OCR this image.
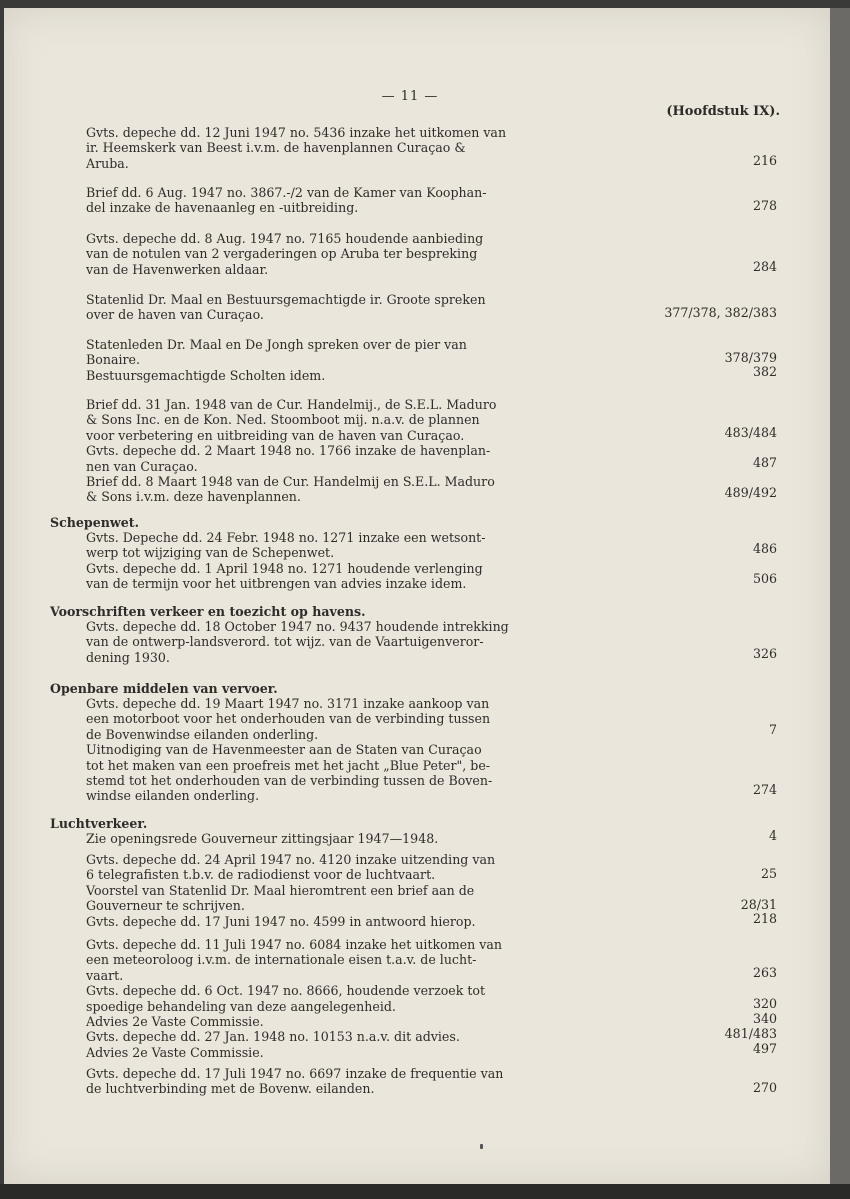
— 11 —
(Hoofdstuk IX).
Gvts. depeche dd. 12 Juni 1947 no. 5436 inzake het uitkomen van
ir. Heemskerk van Beest i.v.m. de havenplannen Curaçao &
Aruba.
Brief dd. 6 Aug. 1947 no. 3867.-/2 van de Kamer van Koophan-
del inzake de havenaanleg en -uitbreiding.
Gvts. depeche dd. 8 Aug. 1947 no. 7165 houdende aanbieding
van de notulen van 2 vergaderingen op Aruba ter bespreking
van de Havenwerken aldaar.
Statenlid Dr. Maal en Bestuursgemachtigde ir. Groote spreken
over de haven van Curaçao.
Statenleden Dr. Maal en De Jongh spreken over de pier van
Bonaire.
Bestuursgemachtigde Scholten idem.
Brief dd. 31 Jan. 1948 van de Cur. Handelmij., de S.E.L. Maduro
& Sons Inc. en de Kon. Ned. Stoomboot mij. n.a.v. de plannen
voor verbetering en uitbreiding van de haven van Curaçao.
Gvts. depeche dd. 2 Maart 1948 no. 1766 inzake de havenplan-
nen van Curaçao.
Brief dd. 8 Maart 1948 van de Cur. Handelmij en S.E.L. Maduro
& Sons i.v.m. deze havenplannen.
Schepenwet.
Gvts. Depeche dd. 24 Febr. 1948 no. 1271 inzake een wetsont-
werp tot wijziging van de Schepenwet.
Gvts. depeche dd. 1 April 1948 no. 1271 houdende verlenging
van de termijn voor het uitbrengen van advies inzake idem.
Voorschriften verkeer en toezicht op havens.
Gvts. depeche dd. 18 October 1947 no. 9437 houdende intrekking
van de ontwerp-landsverord. tot wijz. van de Vaartuigenveror-
dening 1930.
Openbare middelen van vervoer.
Gvts. depeche dd. 19 Maart 1947 no. 3171 inzake aankoop van
een motorboot voor het onderhouden van de verbinding tussen
de Bovenwindse eilanden onderling.
Uitnodiging van de Havenmeester aan de Staten van Curaçao
tot het maken van een proefreis met het jacht „Blue Peter", be-
stemd tot het onderhouden van de verbinding tussen de Boven-
windse eilanden onderling.
Luchtverkeer.
Zie openingsrede Gouverneur zittingsjaar 1947—1948.
Gvts. depeche dd. 24 April 1947 no. 4120 inzake uitzending van
6 telegrafisten t.b.v. de radiodienst voor de luchtvaart.
Voorstel van Statenlid Dr. Maal hieromtrent een brief aan de
Gouverneur te schrijven.
Gvts. depeche dd. 17 Juni 1947 no. 4599 in antwoord hierop.
Gvts. depeche dd. 11 Juli 1947 no. 6084 inzake het uitkomen van
een meteoroloog i.v.m. de internationale eisen t.a.v. de lucht-
vaart.
Gvts. depeche dd. 6 Oct. 1947 no. 8666, houdende verzoek tot
spoedige behandeling van deze aangelegenheid.
Advies 2e Vaste Commissie.
Gvts. depeche dd. 27 Jan. 1948 no. 10153 n.a.v. dit advies.
Advies 2e Vaste Commissie.
Gvts. depeche dd. 17 Juli 1947 no. 6697 inzake de frequentie van
de luchtverbinding met de Bovenw. eilanden.
216
278
284
377/378, 382/383
378/379
382
483/484
487
489/492
486
506
326
7
274
4
25
28/31
218
263
320
340
481/483
497
270
